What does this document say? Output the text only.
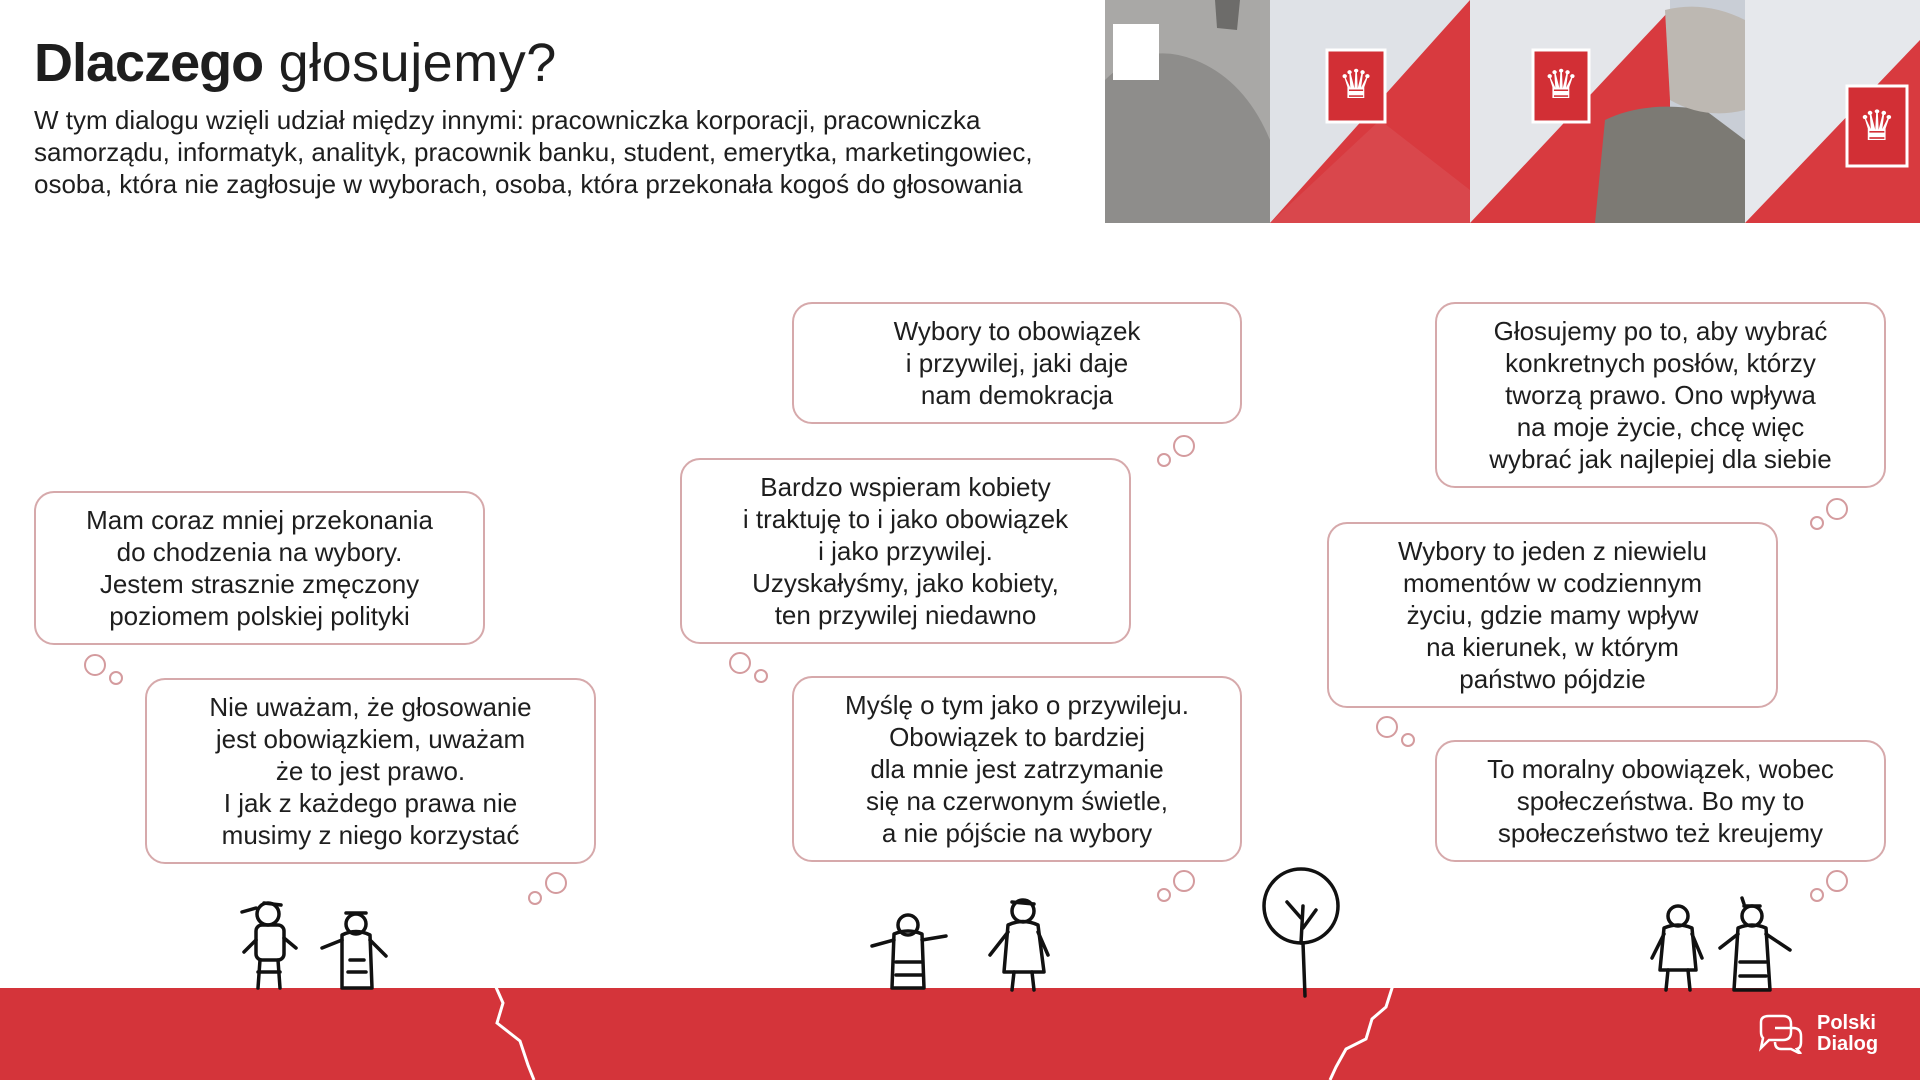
Dlaczego głosujemy?

W tym dialogu wzięli udział między innymi: pracowniczka korporacji, pracowniczka samorządu, informatyk, analityk, pracownik banku, student, emerytka, marketingowiec, osoba, która nie zagłosuje w wyborach, osoba, która przekonała kogoś do głosowania

♛	♛
♛
Wybory to obowiązek
i przywilej, jaki daje
nam demokracja
Głosujemy po to, aby wybrać
konkretnych posłów, którzy
tworzą prawo. Ono wpływa
na moje życie, chcę więc
wybrać jak najlepiej dla siebie
Bardzo wspieram kobiety
i traktuję to i jako obowiązek
i jako przywilej.
Uzyskałyśmy, jako kobiety,
ten przywilej niedawno
Mam coraz mniej przekonania
do chodzenia na wybory.
Jestem strasznie zmęczony
poziomem polskiej polityki
Wybory to jeden z niewielu
momentów w codziennym
życiu, gdzie mamy wpływ
na kierunek, w którym
państwo pójdzie
Nie uważam, że głosowanie
jest obowiązkiem, uważam
że to jest prawo.
I jak z każdego prawa nie
musimy z niego korzystać
Myślę o tym jako o przywileju.
Obowiązek to bardziej
dla mnie jest zatrzymanie
się na czerwonym świetle,
a nie pójście na wybory
To moralny obowiązek, wobec
społeczeństwa. Bo my to
społeczeństwo też kreujemy
Polski
Dialog
